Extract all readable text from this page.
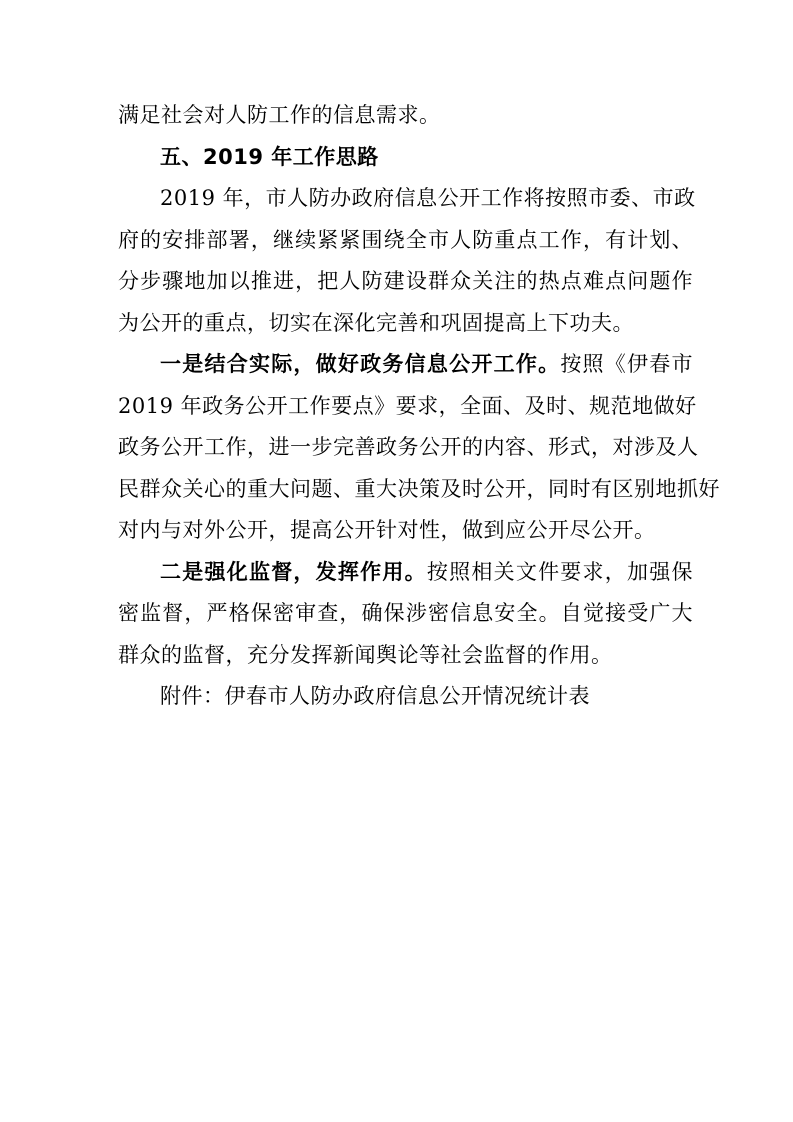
满足社会对人防工作的信息需求。
五、2019 年工作思路
2019 年，市人防办政府信息公开工作将按照市委、市政
府的安排部署，继续紧紧围绕全市人防重点工作，有计划、
分步骤地加以推进，把人防建设群众关注的热点难点问题作
为公开的重点，切实在深化完善和巩固提高上下功夫。
一是结合实际，做好政务信息公开工作。按照《伊春市
2019 年政务公开工作要点》要求，全面、及时、规范地做好
政务公开工作，进一步完善政务公开的内容、形式，对涉及人
民群众关心的重大问题、重大决策及时公开，同时有区别地抓好
对内与对外公开，提高公开针对性，做到应公开尽公开。
二是强化监督，发挥作用。按照相关文件要求，加强保
密监督，严格保密审查，确保涉密信息安全。自觉接受广大
群众的监督，充分发挥新闻舆论等社会监督的作用。
附件：伊春市人防办政府信息公开情况统计表
